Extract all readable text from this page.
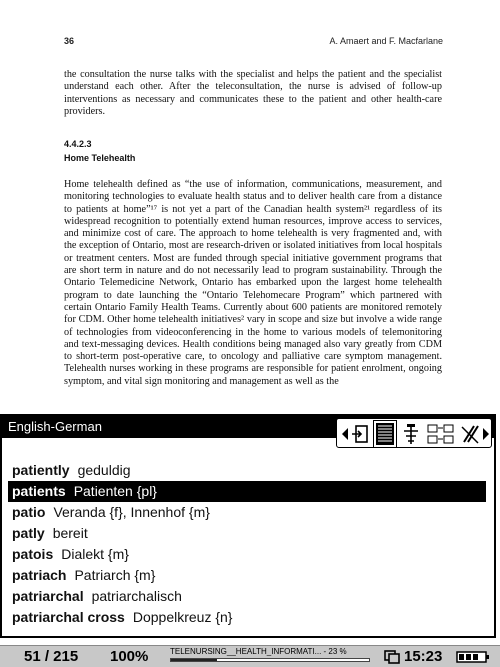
36	A. Amaert and F. Macfarlane

the consultation the nurse talks with the specialist and helps the patient and the specialist understand each other. After the teleconsultation, the nurse is advised of follow-up interventions as necessary and communicates these to the patient and other health-care providers.

4.4.2.3
Home Telehealth

Home telehealth defined as “the use of information, communications, measurement, and monitoring technologies to evaluate health status and to deliver health care from a distance to patients at home”¹⁷ is not yet a part of the Canadian health system²¹ regardless of its widespread recognition to potentially extend human resources, improve access to services, and minimize cost of care. The approach to home telehealth is very fragmented and, with the exception of Ontario, most are research-driven or isolated initiatives from local hospitals or treatment centers. Most are funded through special initiative government programs that are short term in nature and do not necessarily lead to program sustainability. Through the Ontario Telemedicine Network, Ontario has embarked upon the largest home telehealth program to date launching the “Ontario Telehomecare Program” which partnered with certain Ontario Family Health Teams. Currently about 600 patients are monitored remotely for CDM. Other home telehealth initiatives² vary in scope and size but involve a wide range of technologies from videoconferencing in the home to various models of telemonitoring and text-messaging devices. Health conditions being managed also vary greatly from CDM to short-term post-operative care, to oncology and palliative care symptom management. Telehealth nurses working in these programs are responsible for patient enrolment, ongoing symptom, and vital sign monitoring and management as well as the

English-German
patiently geduldig
patients Patienten {pl}
patio Veranda {f}, Innenhof {m}
patly bereit
patois Dialekt {m}
patriach Patriarch {m}
patriarchal patriarchalisch
patriarchal cross Doppelkreuz {n}
51 / 215 100%	TELENURSING__HEALTH_INFORMATI... - 23 %	15:23
